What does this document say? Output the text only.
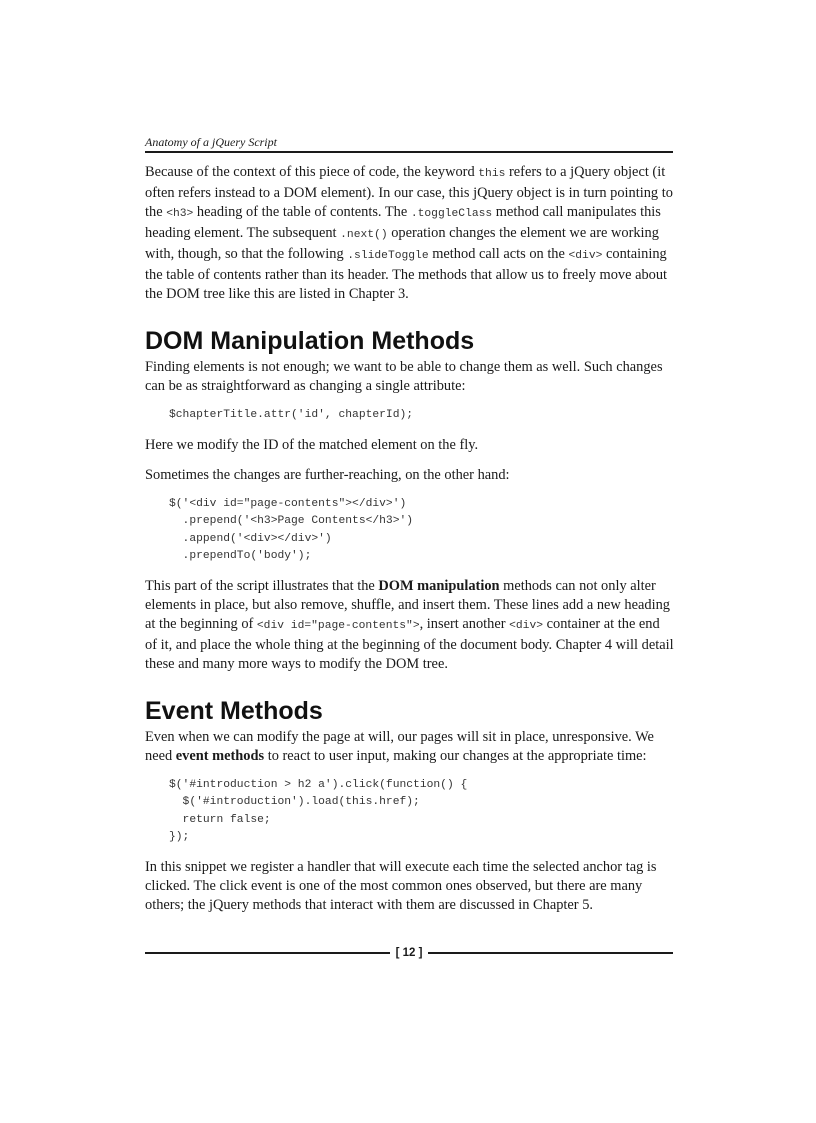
Anatomy of a jQuery Script

Because of the context of this piece of code, the keyword this refers to a jQuery object (it often refers instead to a DOM element). In our case, this jQuery object is in turn pointing to the <h3> heading of the table of contents. The .toggleClass method call manipulates this heading element. The subsequent .next() operation changes the element we are working with, though, so that the following .slideToggle method call acts on the <div> containing the table of contents rather than its header. The methods that allow us to freely move about the DOM tree like this are listed in Chapter 3.

DOM Manipulation Methods

Finding elements is not enough; we want to be able to change them as well. Such changes can be as straightforward as changing a single attribute:

$chapterTitle.attr('id', chapterId);

Here we modify the ID of the matched element on the fly.

Sometimes the changes are further-reaching, on the other hand:

$('<div id="page-contents"></div>')
.prepend('<h3>Page Contents</h3>')
.append('<div></div>')
.prependTo('body');

This part of the script illustrates that the DOM manipulation methods can not only alter elements in place, but also remove, shuffle, and insert them. These lines add a new heading at the beginning of <div id="page-contents">, insert another <div> container at the end of it, and place the whole thing at the beginning of the document body. Chapter 4 will detail these and many more ways to modify the DOM tree.

Event Methods

Even when we can modify the page at will, our pages will sit in place, unresponsive. We need event methods to react to user input, making our changes at the appropriate time:

$('#introduction > h2 a').click(function() {
$('#introduction').load(this.href);
return false;
});

In this snippet we register a handler that will execute each time the selected anchor tag is clicked. The click event is one of the most common ones observed, but there are many others; the jQuery methods that interact with them are discussed in Chapter 5.

[ 12 ]
